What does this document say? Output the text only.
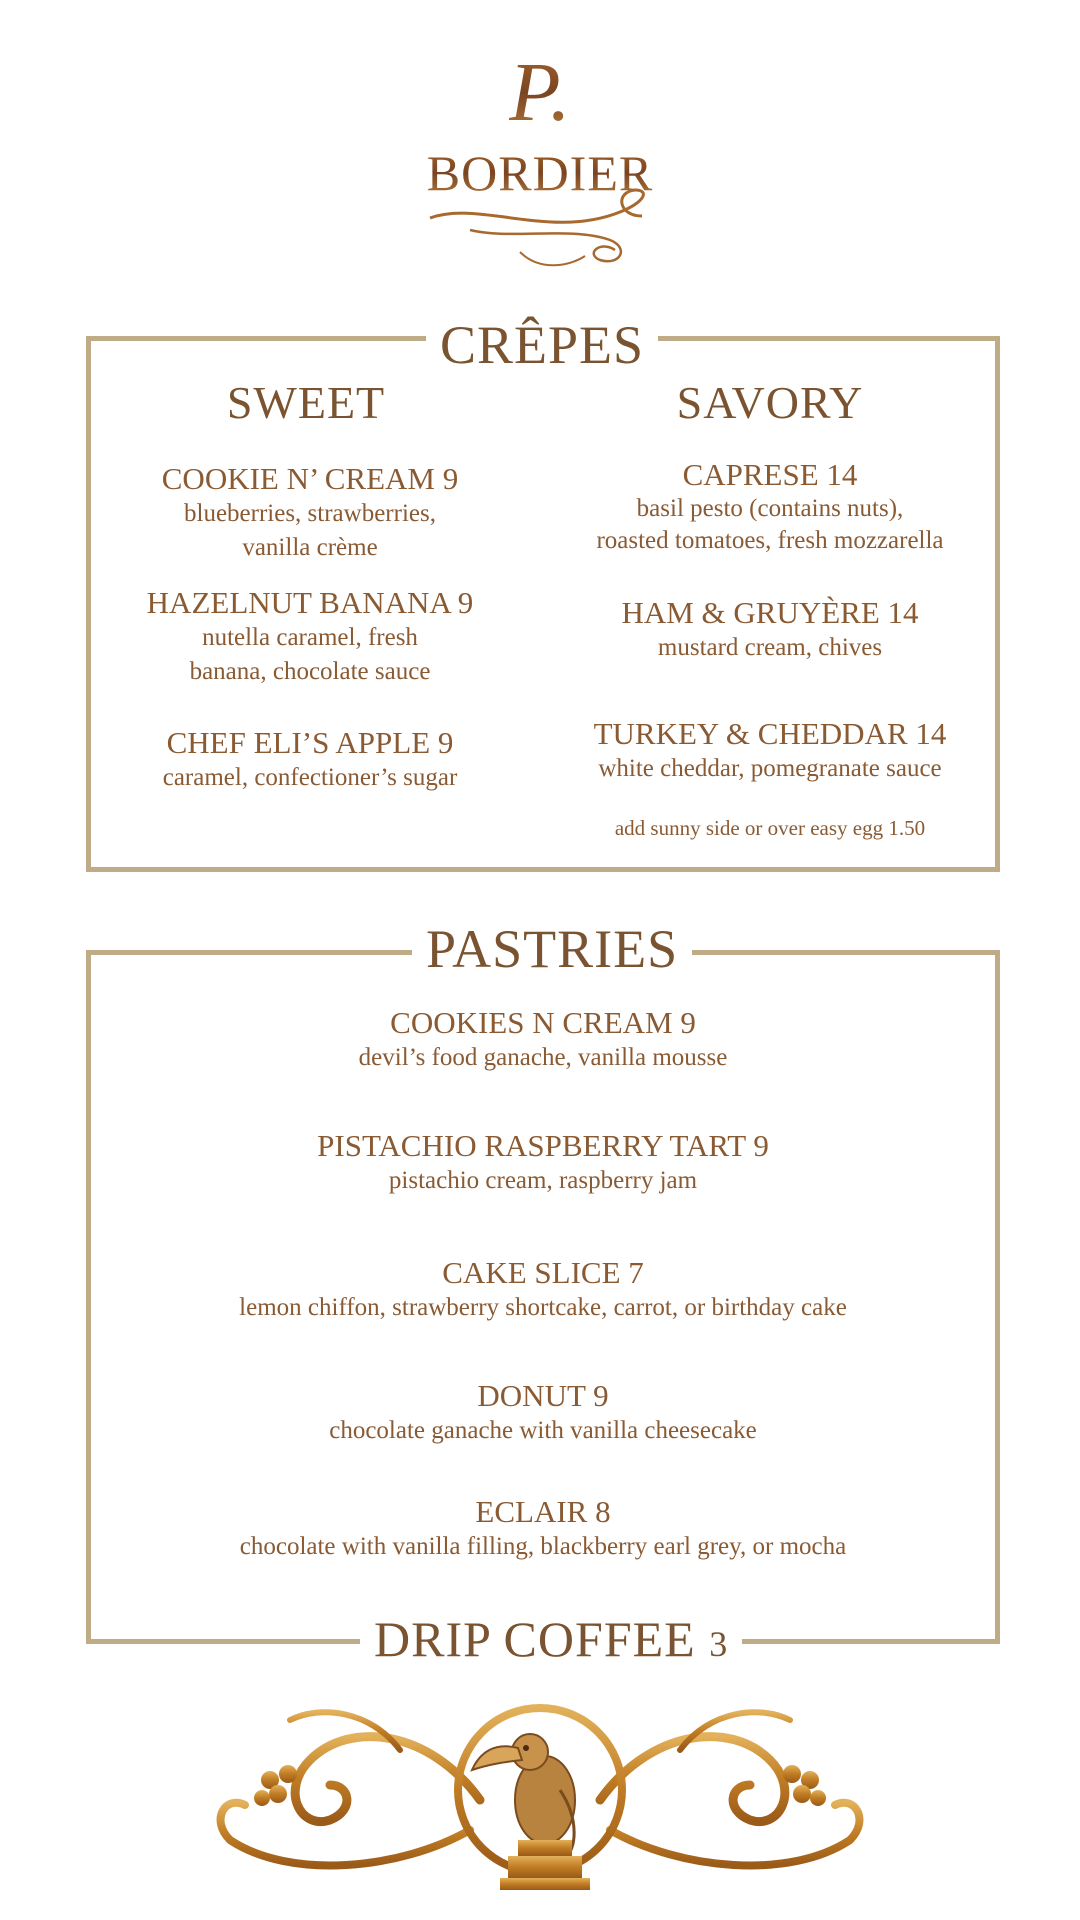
P.
BORDIER
CRÊPES
SWEET	SAVORY
COOKIE N’ CREAM 9
blueberries, strawberries,
vanilla crème
HAZELNUT BANANA 9
nutella caramel, fresh
banana, chocolate sauce
CHEF ELI’S APPLE 9
caramel, confectioner’s sugar
CAPRESE 14
basil pesto (contains nuts),
roasted tomatoes, fresh mozzarella
HAM & GRUYÈRE 14
mustard cream, chives
TURKEY & CHEDDAR 14
white cheddar, pomegranate sauce
add sunny side or over easy egg 1.50
PASTRIES
COOKIES N CREAM 9
devil’s food ganache, vanilla mousse
PISTACHIO RASPBERRY TART 9
pistachio cream, raspberry jam
CAKE SLICE 7
lemon chiffon, strawberry shortcake, carrot, or birthday cake
DONUT 9
chocolate ganache with vanilla cheesecake
ECLAIR 8
chocolate with vanilla filling, blackberry earl grey, or mocha
DRIP COFFEE 3
